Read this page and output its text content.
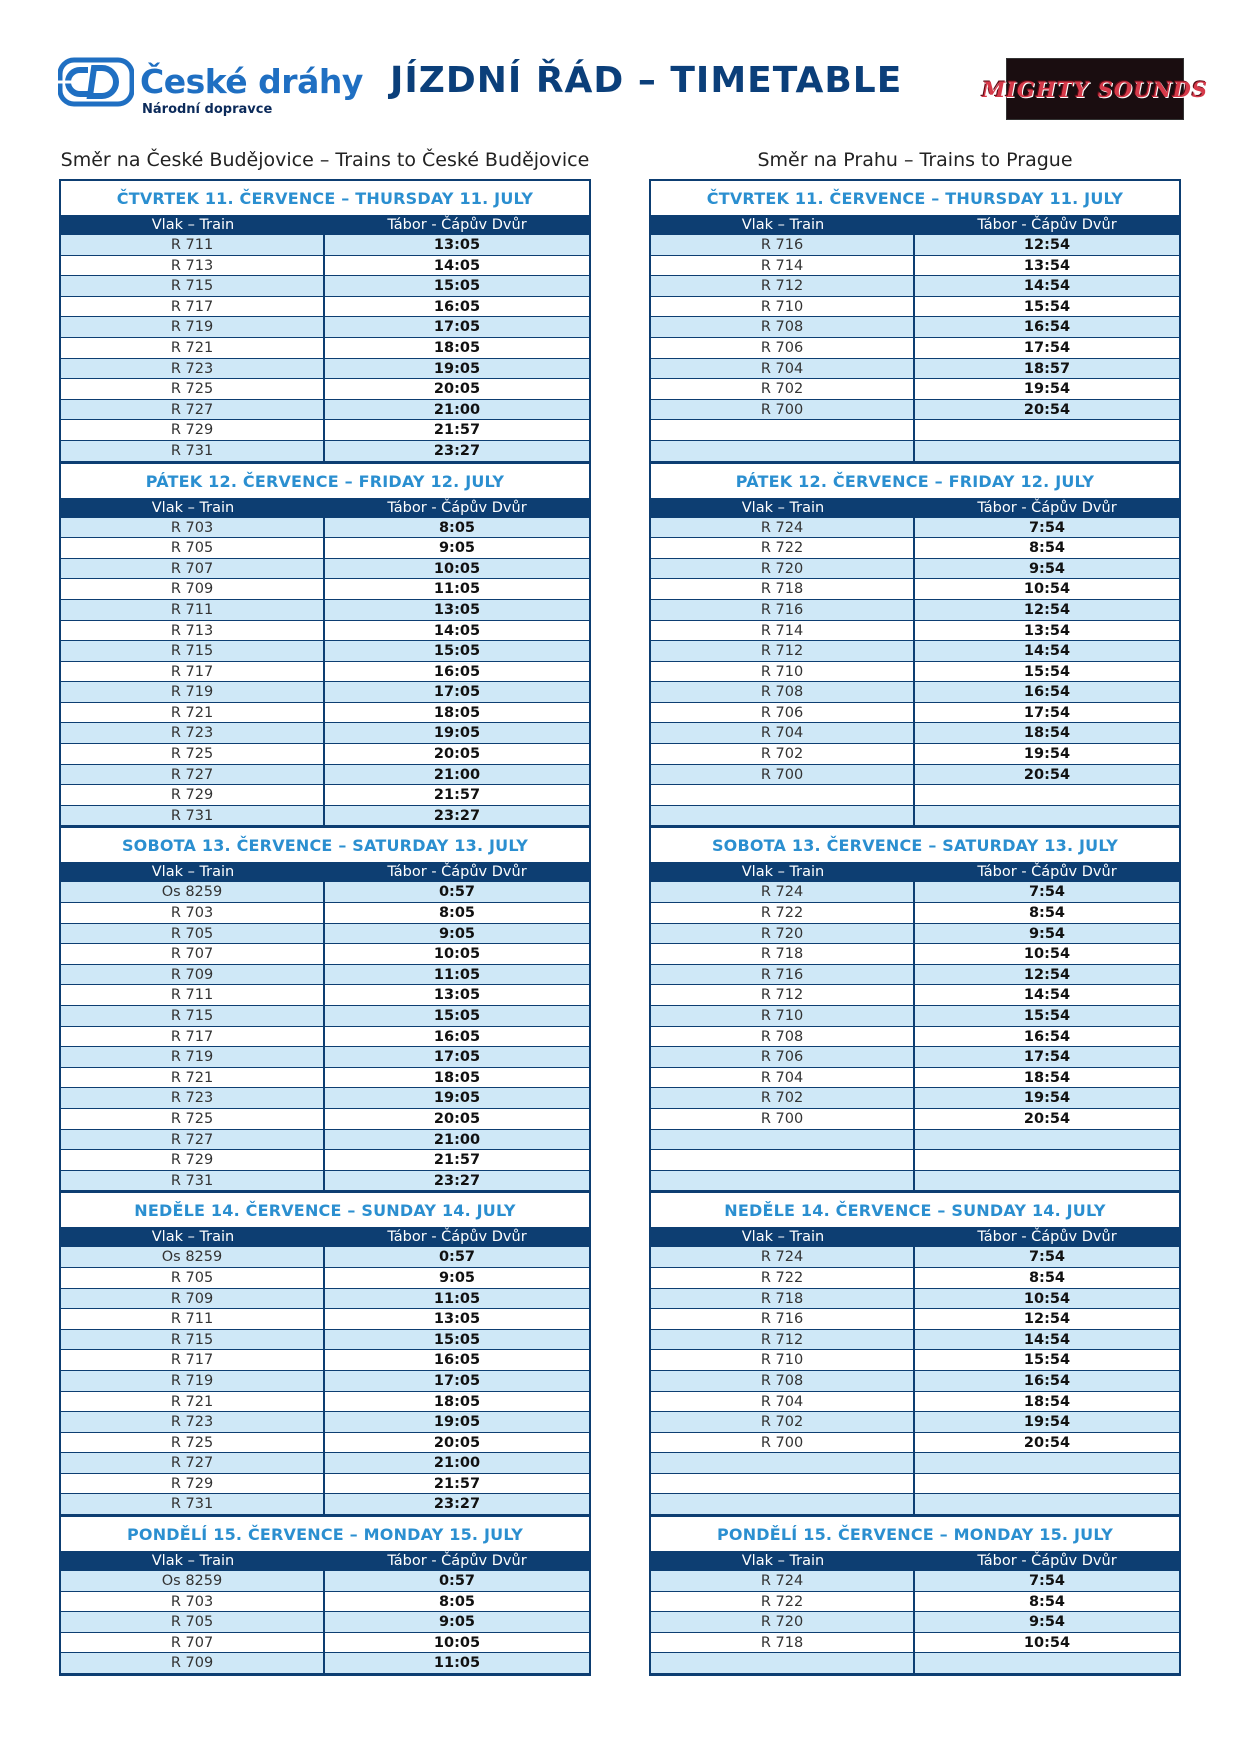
České dráhy
Národní dopravce
JÍZDNÍ ŘÁD – TIMETABLE	MIGHTY SOUNDS
Směr na České Budějovice – Trains to České Budějovice
ČTVRTEK 11. ČERVENCE – THURSDAY 11. JULY
Vlak – Train	Tábor - Čápův Dvůr
R 711	13:05
R 713	14:05
R 715	15:05
R 717	16:05
R 719	17:05
R 721	18:05
R 723	19:05
R 725	20:05
R 727	21:00
R 729	21:57
R 731	23:27
PÁTEK 12. ČERVENCE – FRIDAY 12. JULY
Vlak – Train	Tábor - Čápův Dvůr
R 703	8:05
R 705	9:05
R 707	10:05
R 709	11:05
R 711	13:05
R 713	14:05
R 715	15:05
R 717	16:05
R 719	17:05
R 721	18:05
R 723	19:05
R 725	20:05
R 727	21:00
R 729	21:57
R 731	23:27
SOBOTA 13. ČERVENCE – SATURDAY 13. JULY
Vlak – Train	Tábor - Čápův Dvůr
Os 8259	0:57
R 703	8:05
R 705	9:05
R 707	10:05
R 709	11:05
R 711	13:05
R 715	15:05
R 717	16:05
R 719	17:05
R 721	18:05
R 723	19:05
R 725	20:05
R 727	21:00
R 729	21:57
R 731	23:27
NEDĚLE 14. ČERVENCE – SUNDAY 14. JULY
Vlak – Train	Tábor - Čápův Dvůr
Os 8259	0:57
R 705	9:05
R 709	11:05
R 711	13:05
R 715	15:05
R 717	16:05
R 719	17:05
R 721	18:05
R 723	19:05
R 725	20:05
R 727	21:00
R 729	21:57
R 731	23:27
PONDĚLÍ 15. ČERVENCE – MONDAY 15. JULY
Vlak – Train	Tábor - Čápův Dvůr
Os 8259	0:57
R 703	8:05
R 705	9:05
R 707	10:05
R 709	11:05
Směr na Prahu – Trains to Prague
ČTVRTEK 11. ČERVENCE – THURSDAY 11. JULY
Vlak – Train	Tábor - Čápův Dvůr
R 716	12:54
R 714	13:54
R 712	14:54
R 710	15:54
R 708	16:54
R 706	17:54
R 704	18:57
R 702	19:54
R 700	20:54
PÁTEK 12. ČERVENCE – FRIDAY 12. JULY
Vlak – Train	Tábor - Čápův Dvůr
R 724	7:54
R 722	8:54
R 720	9:54
R 718	10:54
R 716	12:54
R 714	13:54
R 712	14:54
R 710	15:54
R 708	16:54
R 706	17:54
R 704	18:54
R 702	19:54
R 700	20:54
SOBOTA 13. ČERVENCE – SATURDAY 13. JULY
Vlak – Train	Tábor - Čápův Dvůr
R 724	7:54
R 722	8:54
R 720	9:54
R 718	10:54
R 716	12:54
R 712	14:54
R 710	15:54
R 708	16:54
R 706	17:54
R 704	18:54
R 702	19:54
R 700	20:54
NEDĚLE 14. ČERVENCE – SUNDAY 14. JULY
Vlak – Train	Tábor - Čápův Dvůr
R 724	7:54
R 722	8:54
R 718	10:54
R 716	12:54
R 712	14:54
R 710	15:54
R 708	16:54
R 704	18:54
R 702	19:54
R 700	20:54
PONDĚLÍ 15. ČERVENCE – MONDAY 15. JULY
Vlak – Train	Tábor - Čápův Dvůr
R 724	7:54
R 722	8:54
R 720	9:54
R 718	10:54
